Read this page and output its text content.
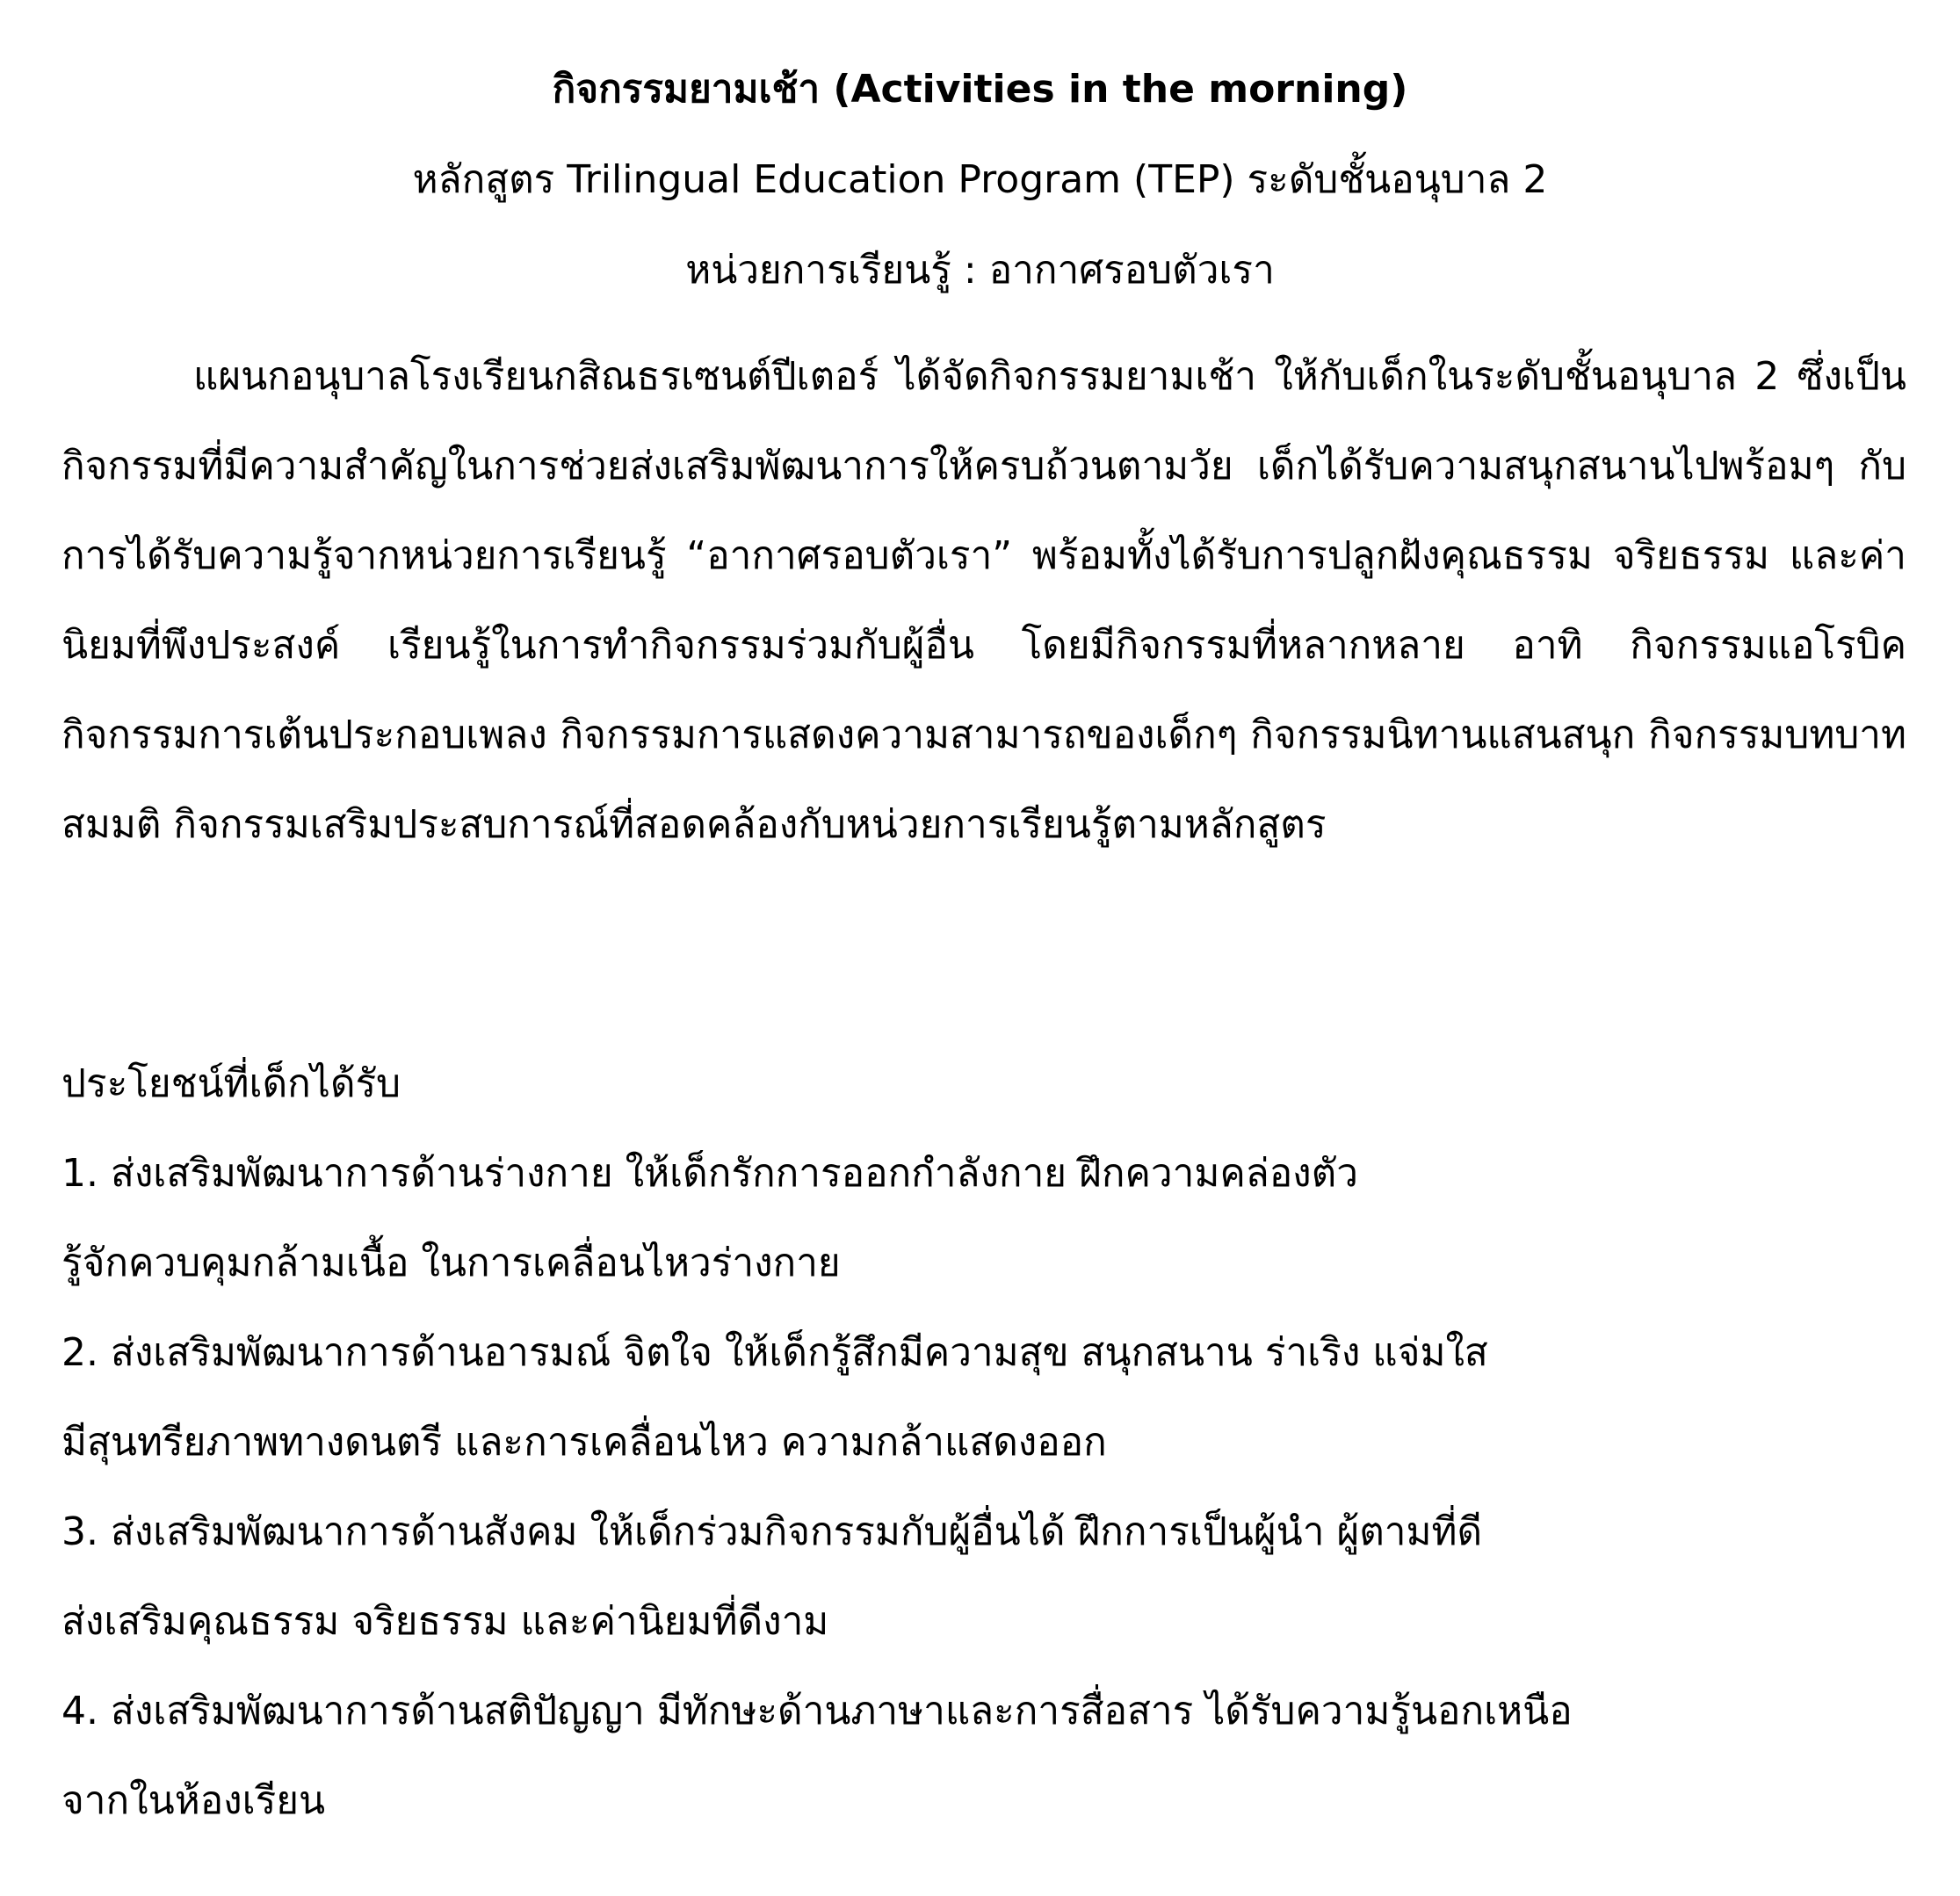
กิจกรรมยามเช้า (Activities in the morning)
หลักสูตร Trilingual Education Program (TEP) ระดับชั้นอนุบาล 2
หน่วยการเรียนรู้ : อากาศรอบตัวเรา

แผนกอนุบาลโรงเรียนกสิณธรเซนต์ปีเตอร์ ได้จัดกิจกรรมยามเช้า ให้กับเด็กในระดับชั้นอนุบาล 2 ซึ่งเป็นกิจกรรมที่มีความสำคัญในการช่วยส่งเสริมพัฒนาการให้ครบถ้วนตามวัย เด็กได้รับความสนุกสนานไปพร้อมๆ กับการได้รับความรู้จากหน่วยการเรียนรู้ “อากาศรอบตัวเรา” พร้อมทั้งได้รับการปลูกฝังคุณธรรม จริยธรรม และค่านิยมที่พึงประสงค์ เรียนรู้ในการทำกิจกรรมร่วมกับผู้อื่น โดยมีกิจกรรมที่หลากหลาย อาทิ กิจกรรมแอโรบิค กิจกรรมการเต้นประกอบเพลง กิจกรรมการแสดงความสามารถของเด็กๆ กิจกรรมนิทานแสนสนุก กิจกรรมบทบาทสมมติ กิจกรรมเสริมประสบการณ์ที่สอดคล้องกับหน่วยการเรียนรู้ตามหลักสูตร

ประโยชน์ที่เด็กได้รับ
1. ส่งเสริมพัฒนาการด้านร่างกาย ให้เด็กรักการออกกำลังกาย ฝึกความคล่องตัว
รู้จักควบคุมกล้ามเนื้อ ในการเคลื่อนไหวร่างกาย
2. ส่งเสริมพัฒนาการด้านอารมณ์ จิตใจ ให้เด็กรู้สึกมีความสุข สนุกสนาน ร่าเริง แจ่มใส
มีสุนทรียภาพทางดนตรี และการเคลื่อนไหว ความกล้าแสดงออก
3. ส่งเสริมพัฒนาการด้านสังคม ให้เด็กร่วมกิจกรรมกับผู้อื่นได้ ฝึกการเป็นผู้นำ ผู้ตามที่ดี
ส่งเสริมคุณธรรม จริยธรรม และค่านิยมที่ดีงาม
4. ส่งเสริมพัฒนาการด้านสติปัญญา มีทักษะด้านภาษาและการสื่อสาร ได้รับความรู้นอกเหนือ
จากในห้องเรียน
